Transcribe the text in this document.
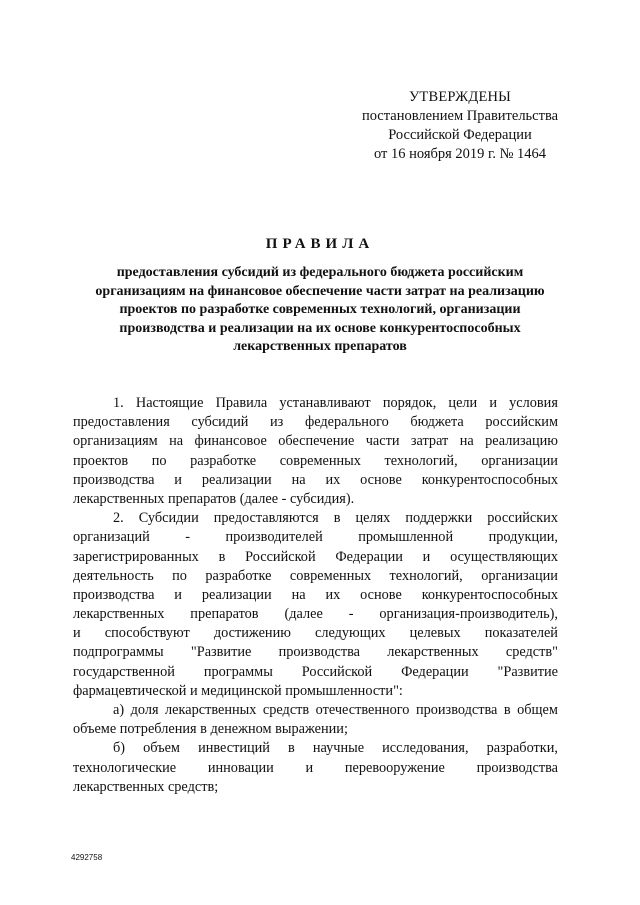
УТВЕРЖДЕНЫ
постановлением Правительства
Российской Федерации
от 16 ноября 2019 г. № 1464
ПРАВИЛА
предоставления субсидий из федерального бюджета российским
организациям на финансовое обеспечение части затрат на реализацию
проектов по разработке современных технологий, организации
производства и реализации на их основе конкурентоспособных
лекарственных препаратов
1. Настоящие Правила устанавливают порядок, цели и условия
предоставления субсидий из федерального бюджета российским
организациям на финансовое обеспечение части затрат на реализацию
проектов по разработке современных технологий, организации
производства и реализации на их основе конкурентоспособных
лекарственных препаратов (далее - субсидия).
2. Субсидии предоставляются в целях поддержки российских
организаций - производителей промышленной продукции,
зарегистрированных в Российской Федерации и осуществляющих
деятельность по разработке современных технологий, организации
производства и реализации на их основе конкурентоспособных
лекарственных препаратов (далее - организация-производитель),
и способствуют достижению следующих целевых показателей
подпрограммы "Развитие производства лекарственных средств"
государственной программы Российской Федерации "Развитие
фармацевтической и медицинской промышленности":
а) доля лекарственных средств отечественного производства в общем
объеме потребления в денежном выражении;
б) объем инвестиций в научные исследования, разработки,
технологические инновации и перевооружение производства
лекарственных средств;
4292758
